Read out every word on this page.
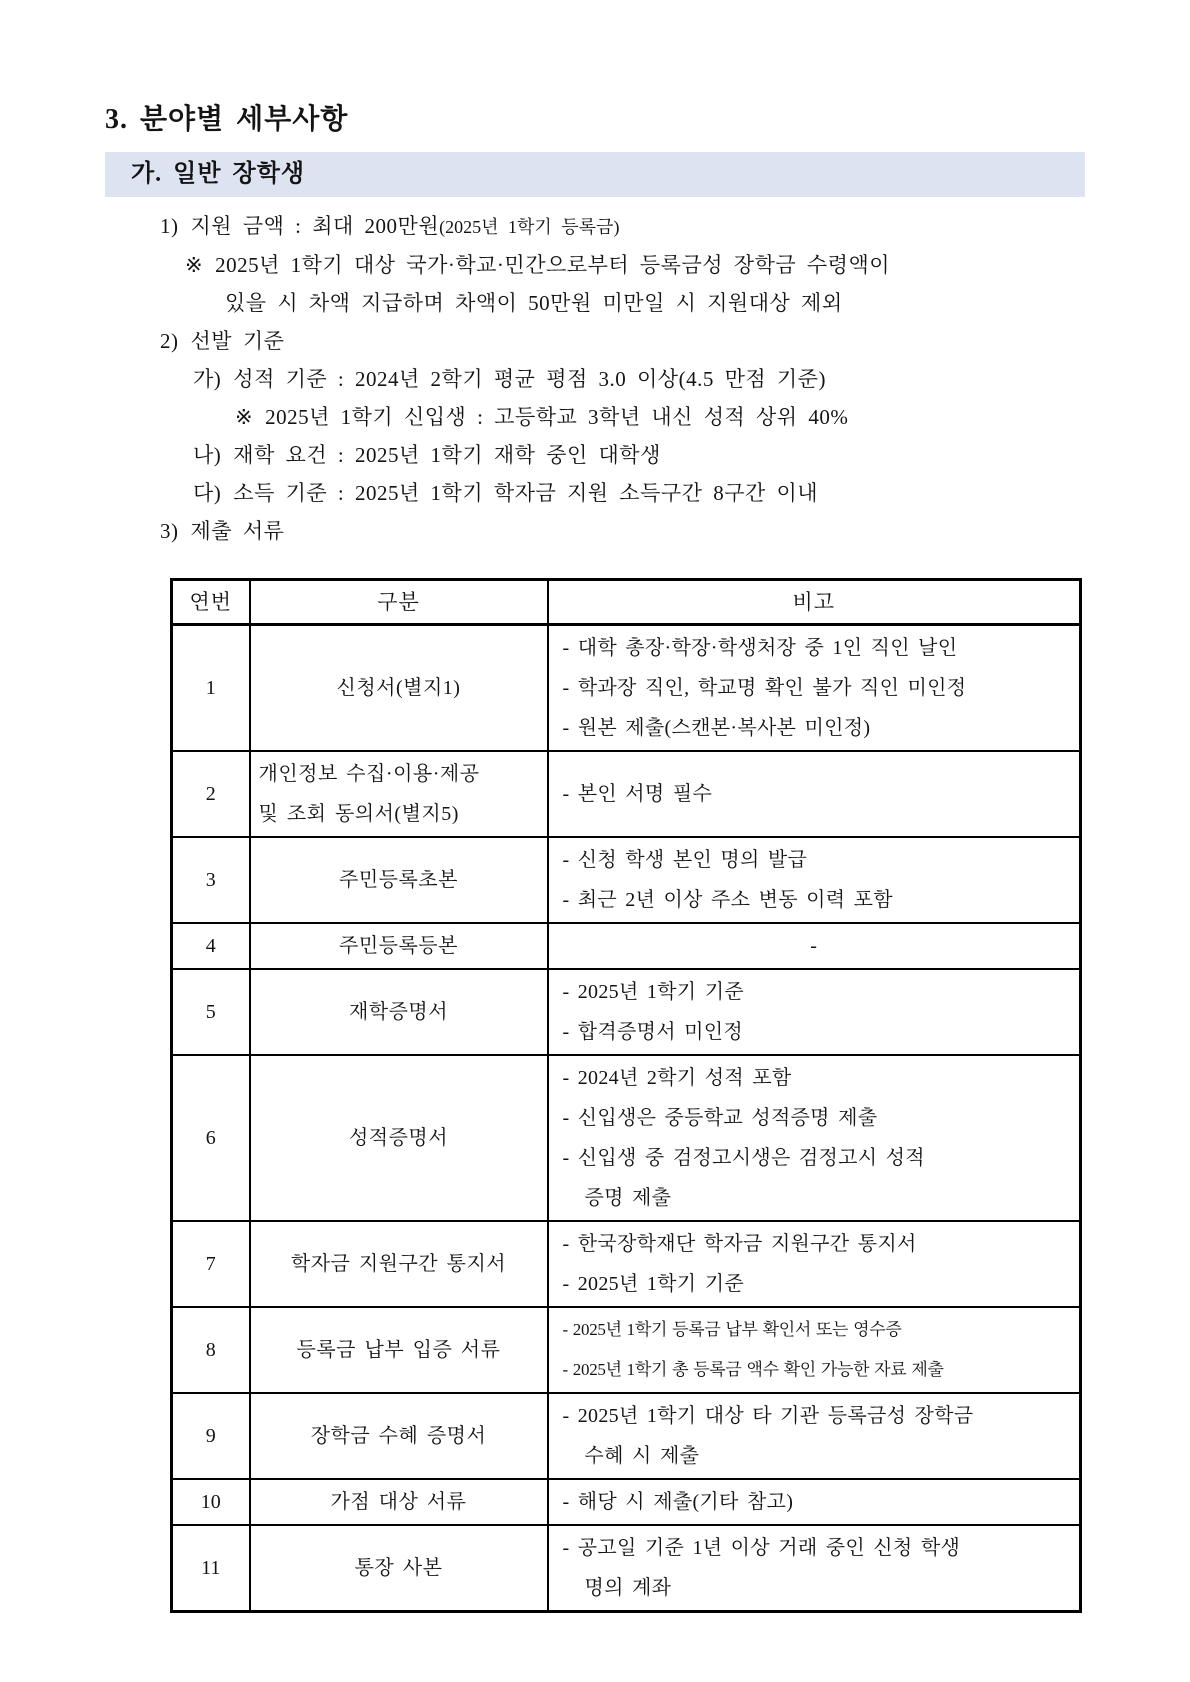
3. 분야별 세부사항
가. 일반 장학생
1) 지원 금액 : 최대 200만원(2025년 1학기 등록금)
※ 2025년 1학기 대상 국가·학교·민간으로부터 등록금성 장학금 수령액이
있을 시 차액 지급하며 차액이 50만원 미만일 시 지원대상 제외
2) 선발 기준
가) 성적 기준 : 2024년 2학기 평균 평점 3.0 이상(4.5 만점 기준)
※ 2025년 1학기 신입생 : 고등학교 3학년 내신 성적 상위 40%
나) 재학 요건 : 2025년 1학기 재학 중인 대학생
다) 소득 기준 : 2025년 1학기 학자금 지원 소득구간 8구간 이내
3) 제출 서류
연번	구분	비고
1	신청서(별지1)	- 대학 총장·학장·학생처장 중 1인 직인 날인
- 학과장 직인, 학교명 확인 불가 직인 미인정
- 원본 제출(스캔본·복사본 미인정)

2	개인정보 수집·이용·제공
및 조회 동의서(별지5)	- 본인 서명 필수

3	주민등록초본	- 신청 학생 본인 명의 발급
- 최근 2년 이상 주소 변동 이력 포함

4	주민등록등본	-

5	재학증명서	- 2025년 1학기 기준
- 합격증명서 미인정

6	성적증명서	- 2024년 2학기 성적 포함
- 신입생은 중등학교 성적증명 제출
- 신입생 중 검정고시생은 검정고시 성적
증명 제출

7	학자금 지원구간 통지서	- 한국장학재단 학자금 지원구간 통지서
- 2025년 1학기 기준

8	등록금 납부 입증 서류	- 2025년 1학기 등록금 납부 확인서 또는 영수증
- 2025년 1학기 총 등록금 액수 확인 가능한 자료 제출

9	장학금 수혜 증명서	- 2025년 1학기 대상 타 기관 등록금성 장학금
수혜 시 제출

10	가점 대상 서류	- 해당 시 제출(기타 참고)

11	통장 사본	- 공고일 기준 1년 이상 거래 중인 신청 학생
명의 계좌
